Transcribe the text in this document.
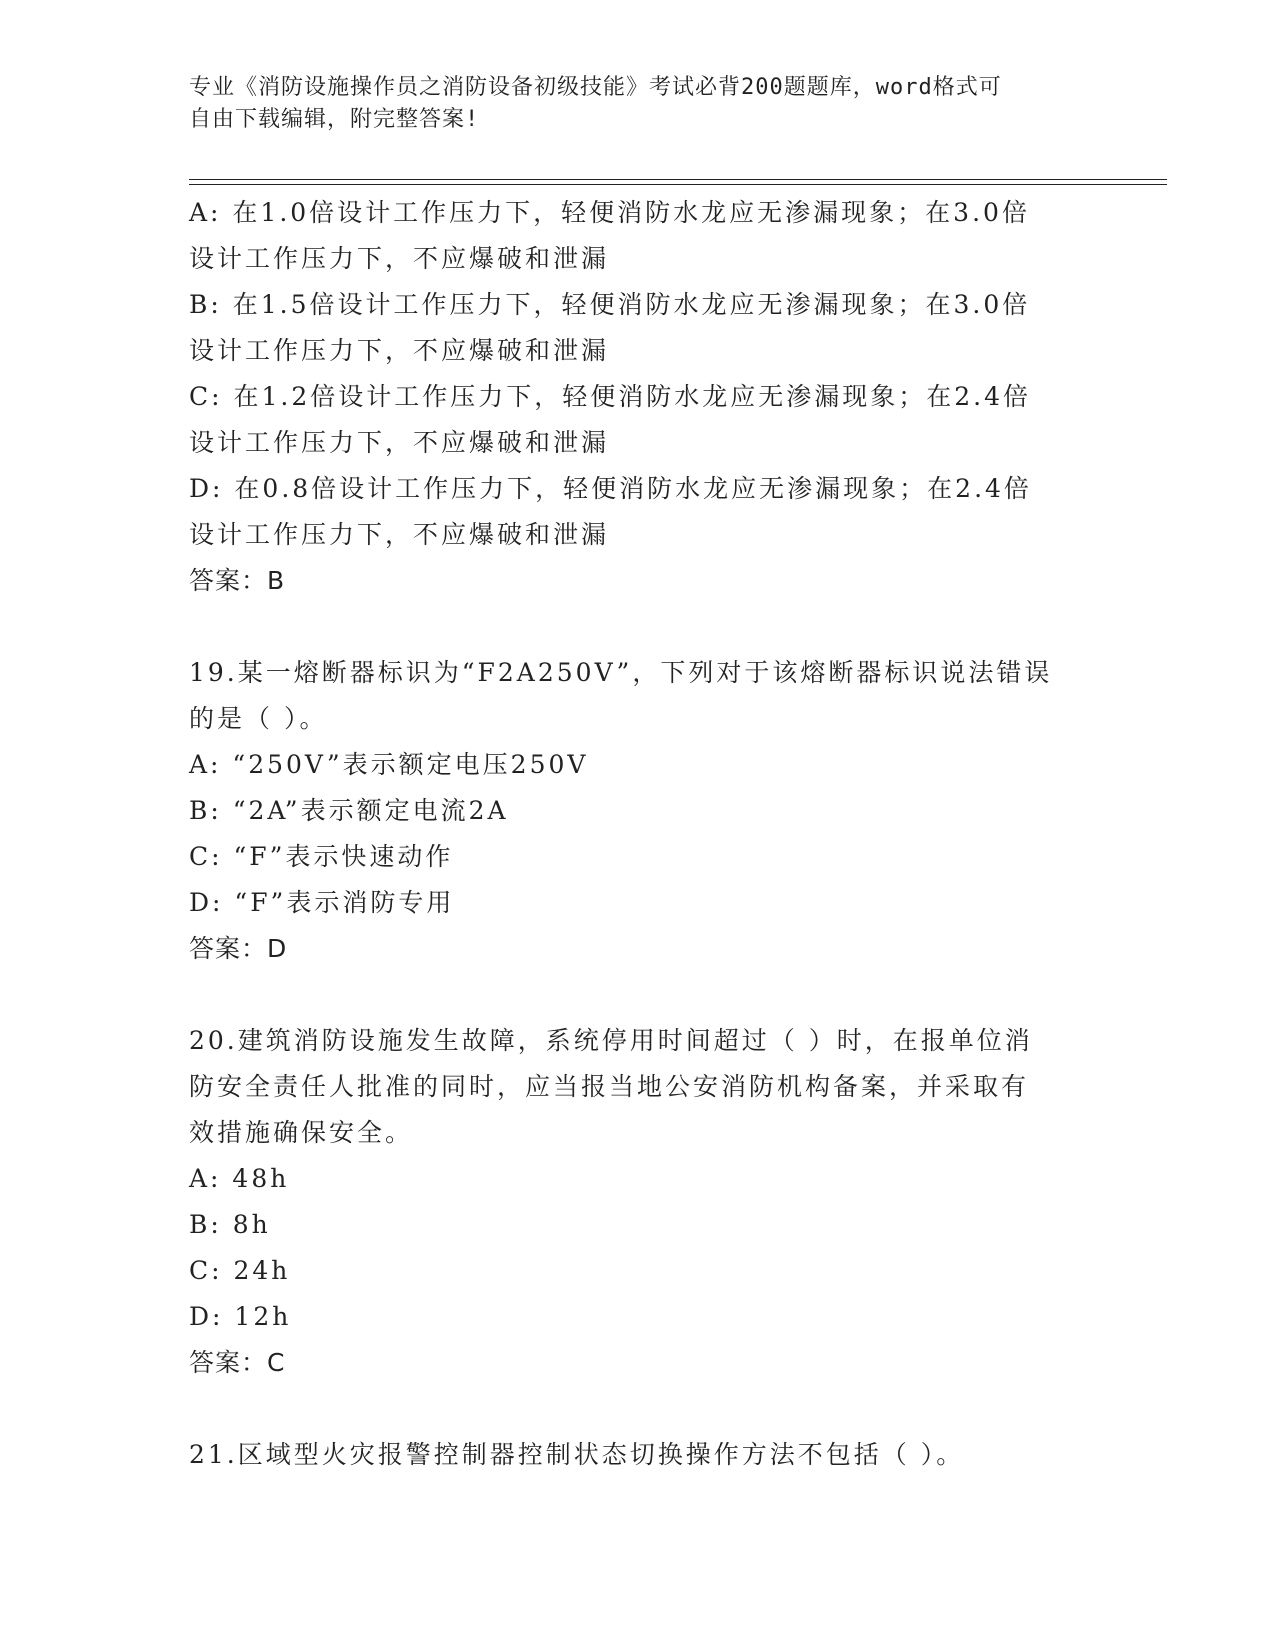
专业《消防设施操作员之消防设备初级技能》考试必背200题题库，word格式可
自由下载编辑，附完整答案!
A: 在1.0倍设计工作压力下，轻便消防水龙应无渗漏现象；在3.0倍
设计工作压力下，不应爆破和泄漏
B: 在1.5倍设计工作压力下，轻便消防水龙应无渗漏现象；在3.0倍
设计工作压力下，不应爆破和泄漏
C: 在1.2倍设计工作压力下，轻便消防水龙应无渗漏现象；在2.4倍
设计工作压力下，不应爆破和泄漏
D: 在0.8倍设计工作压力下，轻便消防水龙应无渗漏现象；在2.4倍
设计工作压力下，不应爆破和泄漏
答案：B
19.某一熔断器标识为“F2A250V”，下列对于该熔断器标识说法错误
的是（ ）。
A: “250V”表示额定电压250V
B: “2A”表示额定电流2A
C: “F”表示快速动作
D: “F”表示消防专用
答案：D
20.建筑消防设施发生故障，系统停用时间超过（ ）时，在报单位消
防安全责任人批准的同时，应当报当地公安消防机构备案，并采取有
效措施确保安全。
A: 48h
B: 8h
C: 24h
D: 12h
答案：C
21.区域型火灾报警控制器控制状态切换操作方法不包括（ ）。
